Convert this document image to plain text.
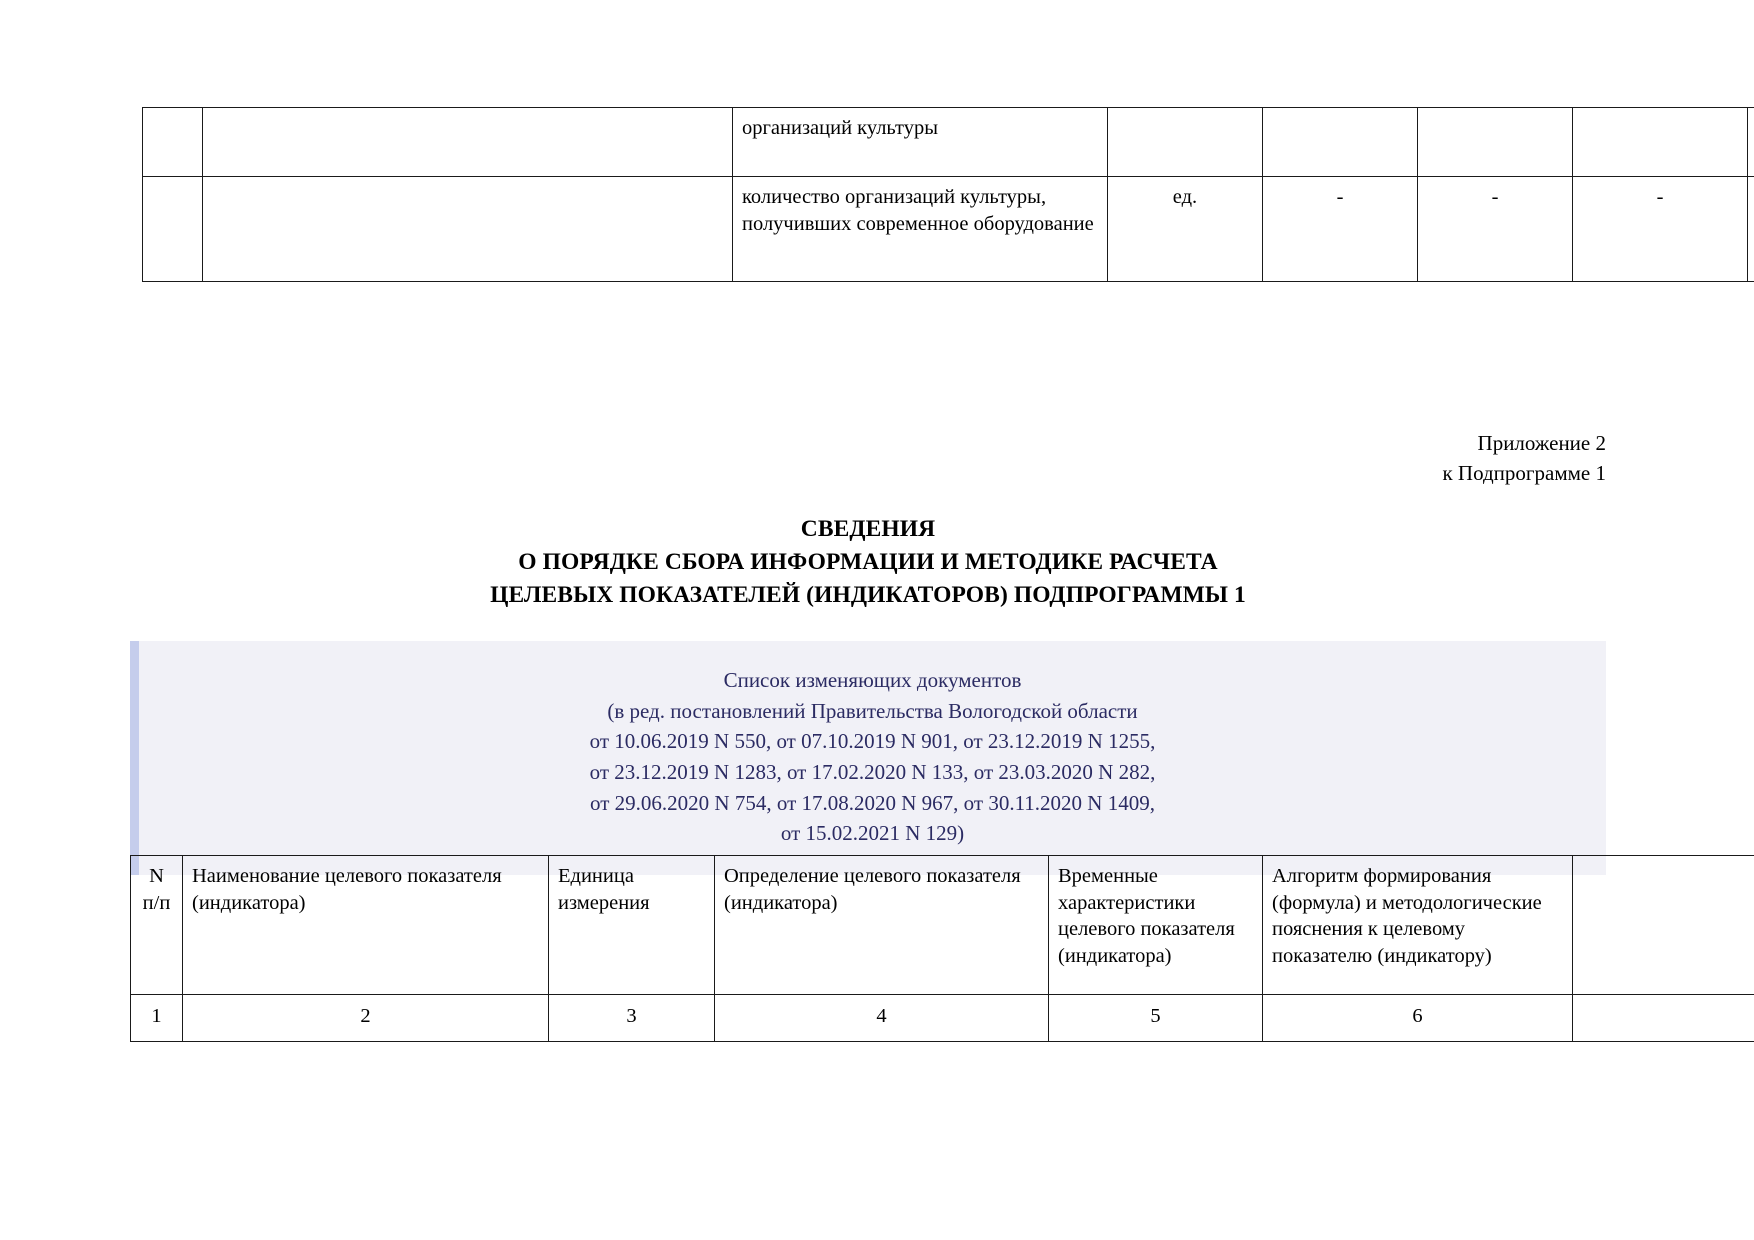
		организаций культуры					
		количество организаций культуры, получивших современное оборудование	ед.	-	-	-	
Приложение 2
к Подпрограмме 1
СВЕДЕНИЯ
О ПОРЯДКЕ СБОРА ИНФОРМАЦИИ И МЕТОДИКЕ РАСЧЕТА
ЦЕЛЕВЫХ ПОКАЗАТЕЛЕЙ (ИНДИКАТОРОВ) ПОДПРОГРАММЫ 1
Список изменяющих документов
(в ред. постановлений Правительства Вологодской области
от 10.06.2019 N 550, от 07.10.2019 N 901, от 23.12.2019 N 1255,
от 23.12.2019 N 1283, от 17.02.2020 N 133, от 23.03.2020 N 282,
от 29.06.2020 N 754, от 17.08.2020 N 967, от 30.11.2020 N 1409,
от 15.02.2021 N 129)
N
п/п	Наименование целевого показателя (индикатора)	Единица измерения	Определение целевого показателя (индикатора)	Временные характеристики целевого показателя (индикатора)	Алгоритм формирования (формула) и методологические пояснения к целевому показателю (индикатору)	
1	2	3	4	5	6	
